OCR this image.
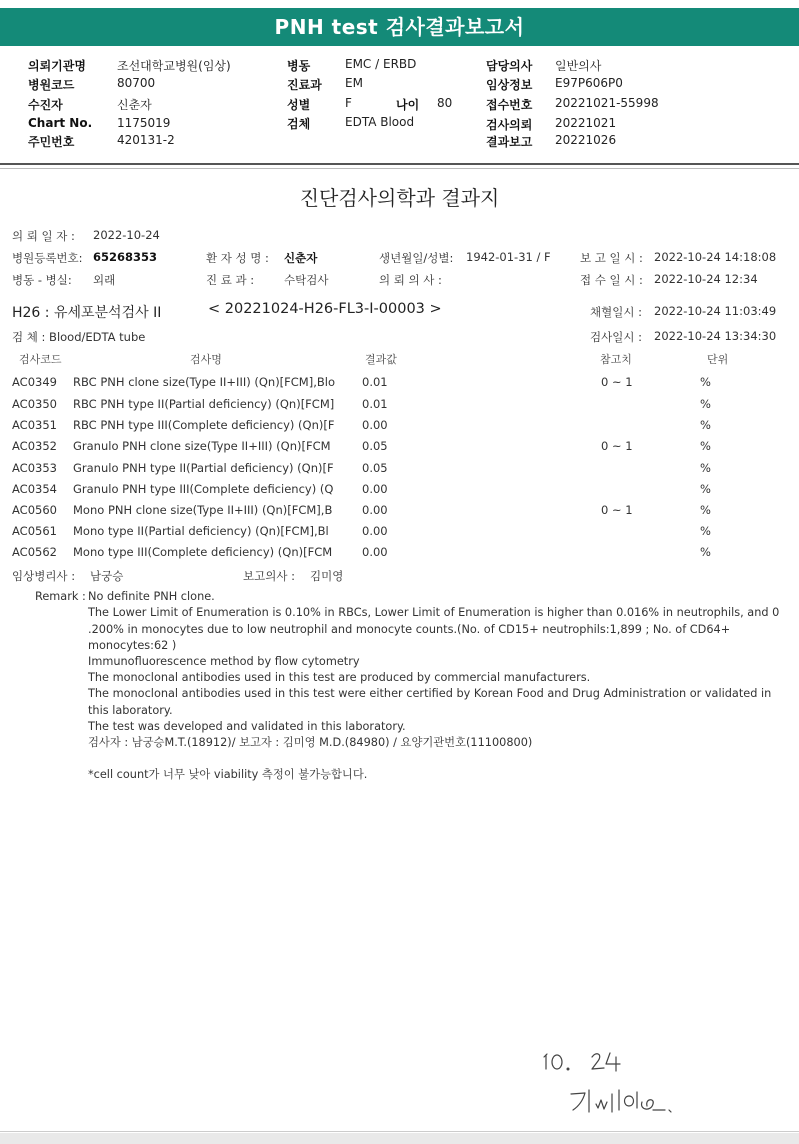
PNH test 검사결과보고서
의뢰기관명	조선대학교병원(임상)
병원코드	80700
수진자	신춘자
Chart No. 1175019
주민번호	420131-2
병동	EMC / ERBD
진료과 EM
성별	F	나이 80
검체	EDTA Blood
담당의사 일반의사
임상정보 E97P606P0
접수번호 20221021-55998
검사의뢰 20221021
결과보고 20221026
진단검사의학과 결과지
의 뢰 일 자 : 2022-10-24
병원등록번호: 65268353	환 자 성 명 : 신춘자	생년월일/성별: 1942-01-31 / F	보 고 일 시 : 2022-10-24 14:18:08
병동 - 병실: 외래	진 료 과 :	수탁검사	의 뢰 의 사 :	접 수 일 시 : 2022-10-24 12:34
H26 : 유세포분석검사 II	< 20221024-H26-FL3-I-00003 >	채혈일시 : 2022-10-24 11:03:49
검 체 : Blood/EDTA tube	검사일시 : 2022-10-24 13:34:30
검사코드	검사명	결과값	참고치	단위
AC0349 RBC PNH clone size(Type II+III) (Qn)[FCM],Blo 0.01	0 ~ 1	%
AC0350 RBC PNH type II(Partial deficiency) (Qn)[FCM] 0.01	%
AC0351 RBC PNH type III(Complete deficiency) (Qn)[F 0.00	%
AC0352 Granulo PNH clone size(Type II+III) (Qn)[FCM	0.05	0 ~ 1	%
AC0353 Granulo PNH type II(Partial deficiency) (Qn)[F 0.05	%
AC0354 Granulo PNH type III(Complete deficiency) (Q 0.00	%
AC0560 Mono PNH clone size(Type II+III) (Qn)[FCM],B	0.00	0 ~ 1	%
AC0561 Mono type II(Partial deficiency) (Qn)[FCM],Bl	0.00	%
AC0562 Mono type III(Complete deficiency) (Qn)[FCM	0.00	%
임상병리사 : 남궁승	보고의사 : 김미영
Remark : No definite PNH clone.
The Lower Limit of Enumeration is 0.10% in RBCs, Lower Limit of Enumeration is higher than 0.016% in neutrophils, and 0
.200% in monocytes due to low neutrophil and monocyte counts.(No. of CD15+ neutrophils:1,899 ; No. of CD64+
monocytes:62 )
Immunofluorescence method by flow cytometry
The monoclonal antibodies used in this test are produced by commercial manufacturers.
The monoclonal antibodies used in this test were either certified by Korean Food and Drug Administration or validated in
this laboratory.
The test was developed and validated in this laboratory.
검사자 : 남궁승M.T.(18912)/ 보고자 : 김미영 M.D.(84980) / 요양기관번호(11100800)
*cell count가 너무 낮아 viability 측정이 불가능합니다.
